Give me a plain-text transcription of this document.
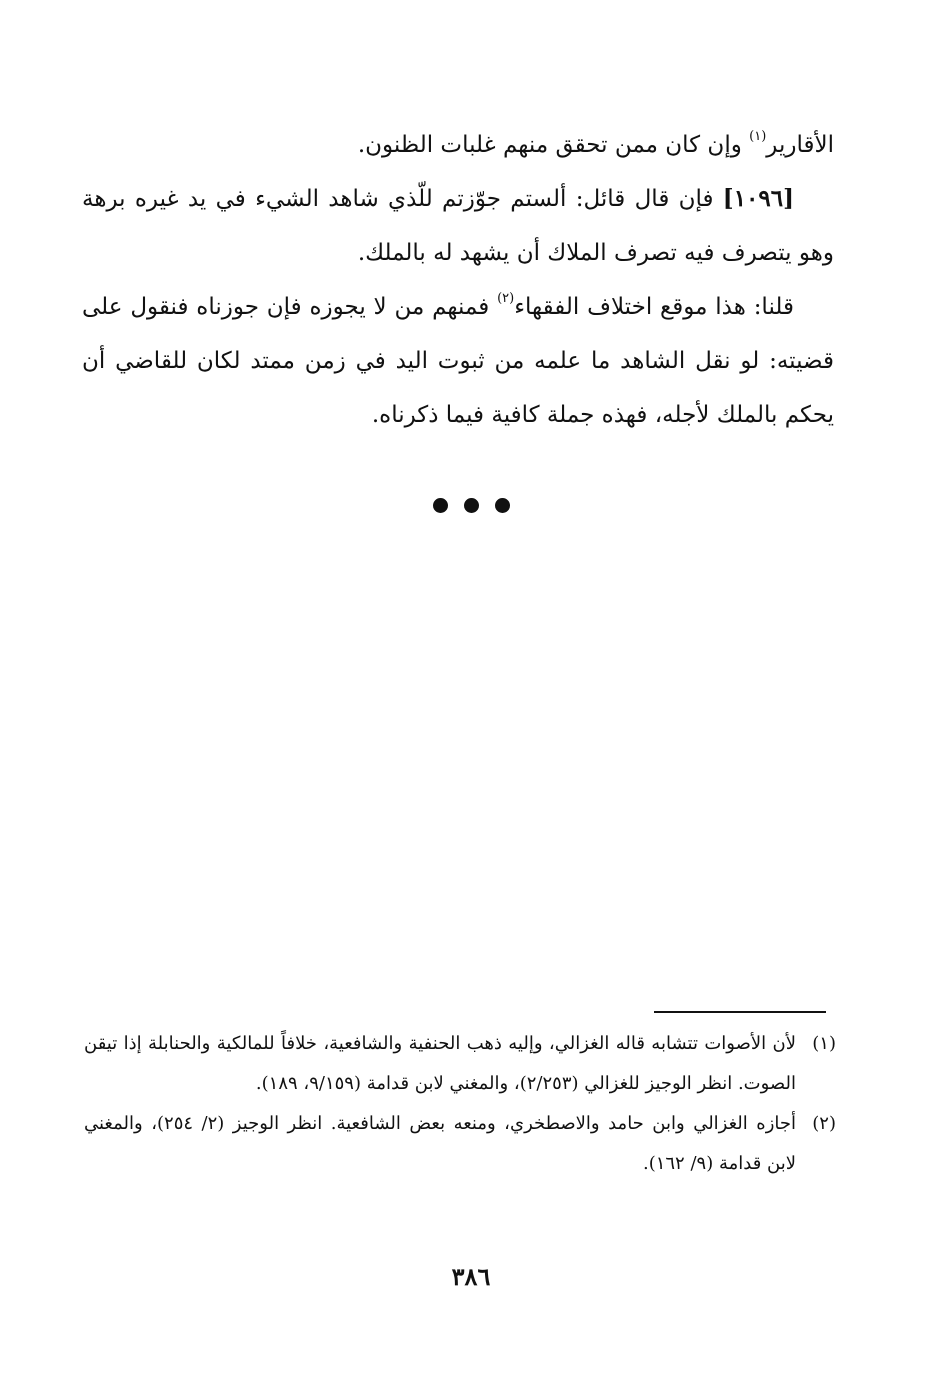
الأقارير$^{(١)}$ وإن كان ممن تحقق منهم غلبات الظنون.

[١٠٩٦] فإن قال قائل: ألستم جوّزتم للّذي شاهد الشيء في يد غيره برهة وهو يتصرف فيه تصرف الملاك أن يشهد له بالملك.

قلنا: هذا موقع اختلاف الفقهاء$^{(٢)}$ فمنهم من لا يجوزه فإن جوزناه فنقول على قضيته: لو نقل الشاهد ما علمه من ثبوت اليد في زمن ممتد لكان للقاضي أن يحكم بالملك لأجله، فهذه جملة كافية فيما ذكرناه.

(١)
لأن الأصوات تتشابه قاله الغزالي، وإليه ذهب الحنفية والشافعية، خلافاً للمالكية والحنابلة إذا تيقن الصوت. انظر الوجيز للغزالي (٢/٢٥٣)، والمغني لابن قدامة (٩/١٥٩، ١٨٩).

(٢)
أجازه الغزالي وابن حامد والاصطخري، ومنعه بعض الشافعية. انظر الوجيز (٢/ ٢٥٤)، والمغني لابن قدامة (٩/ ١٦٢).

٣٨٦
